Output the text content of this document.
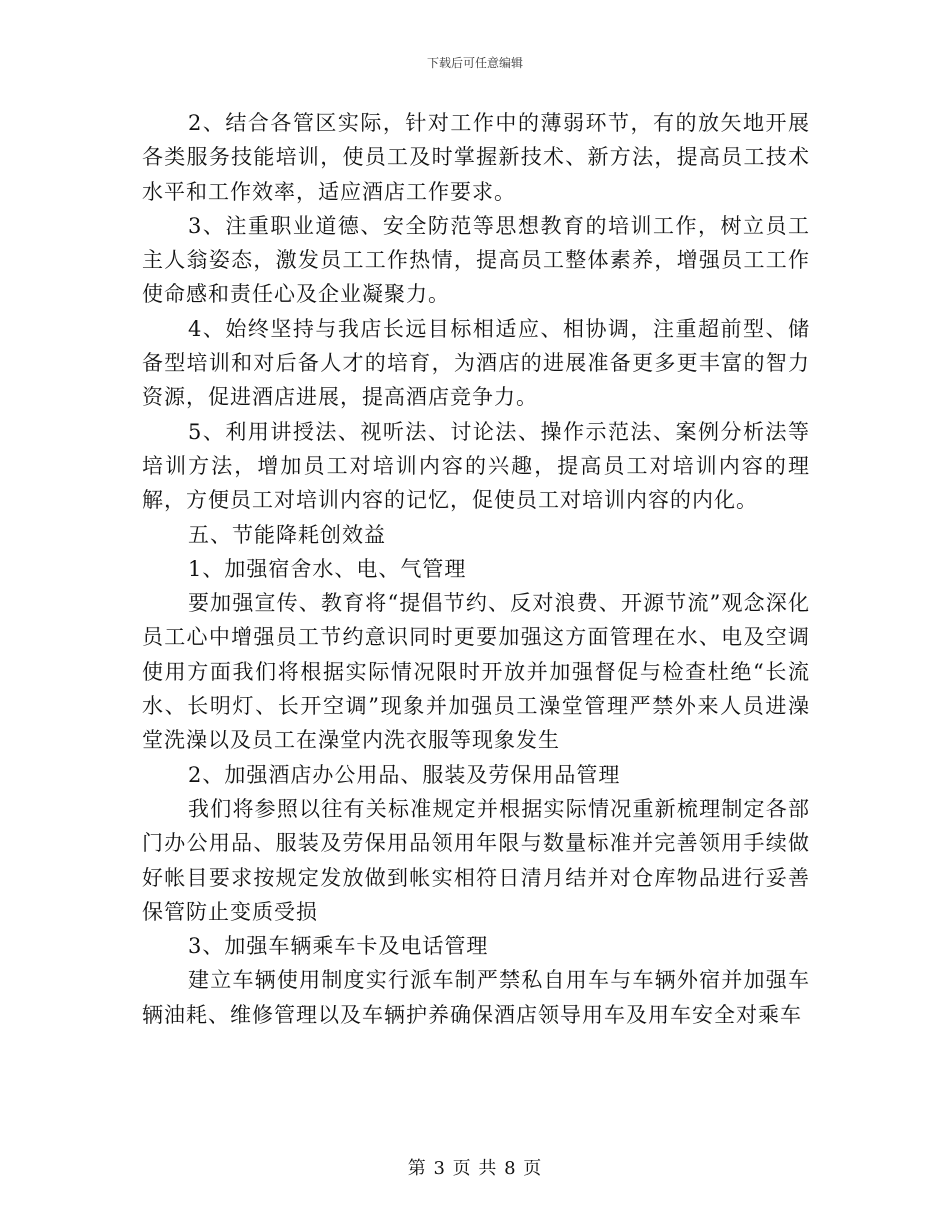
下载后可任意编辑

2、结合各管区实际，针对工作中的薄弱环节，有的放矢地开展各类服务技能培训，使员工及时掌握新技术、新方法，提高员工技术水平和工作效率，适应酒店工作要求。

3、注重职业道德、安全防范等思想教育的培训工作，树立员工主人翁姿态，激发员工工作热情，提高员工整体素养，增强员工工作使命感和责任心及企业凝聚力。

4、始终坚持与我店长远目标相适应、相协调，注重超前型、储备型培训和对后备人才的培育，为酒店的进展准备更多更丰富的智力资源，促进酒店进展，提高酒店竞争力。

5、利用讲授法、视听法、讨论法、操作示范法、案例分析法等培训方法，增加员工对培训内容的兴趣，提高员工对培训内容的理解，方便员工对培训内容的记忆，促使员工对培训内容的内化。

五、节能降耗创效益

1、加强宿舍水、电、气管理

要加强宣传、教育将“提倡节约、反对浪费、开源节流”观念深化员工心中增强员工节约意识同时更要加强这方面管理在水、电及空调使用方面我们将根据实际情况限时开放并加强督促与检查杜绝“长流水、长明灯、长开空调”现象并加强员工澡堂管理严禁外来人员进澡堂洗澡以及员工在澡堂内洗衣服等现象发生

2、加强酒店办公用品、服装及劳保用品管理

我们将参照以往有关标准规定并根据实际情况重新梳理制定各部门办公用品、服装及劳保用品领用年限与数量标准并完善领用手续做好帐目要求按规定发放做到帐实相符日清月结并对仓库物品进行妥善保管防止变质受损

3、加强车辆乘车卡及电话管理

建立车辆使用制度实行派车制严禁私自用车与车辆外宿并加强车辆油耗、维修管理以及车辆护养确保酒店领导用车及用车安全对乘车

第 3 页 共 8 页
